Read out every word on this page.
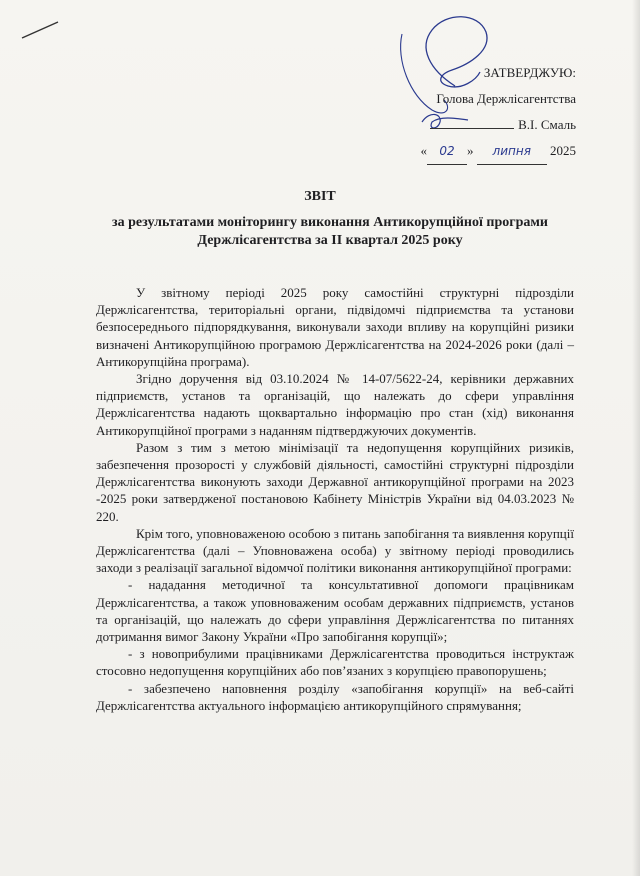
ЗАТВЕРДЖУЮ:
Голова Держлісагентства
В.І. Смаль
« 02 » липня 2025
ЗВІТ
за результатами моніторингу виконання Антикорупційної програми Держлісагентства за ІІ квартал 2025 року

У звітному періоді 2025 року самостійні структурні підрозділи Держлісагентства, територіальні органи, підвідомчі підприємства та установи безпосереднього підпорядкування, виконували заходи впливу на корупційні ризики визначені Антикорупційною програмою Держлісагентства на 2024-2026 роки (далі – Антикорупційна програма).

Згідно доручення від 03.10.2024 № 14-07/5622-24, керівники державних підприємств, установ та організацій, що належать до сфери управління Держлісагентства надають щоквартально інформацію про стан (хід) виконання Антикорупційної програми з наданням підтверджуючих документів.

Разом з тим з метою мінімізації та недопущення корупційних ризиків, забезпечення прозорості у службовій діяльності, самостійні структурні підрозділи Держлісагентства виконують заходи Державної антикорупційної програми на 2023 -2025 роки затвердженої постановою Кабінету Міністрів України від 04.03.2023 № 220.

Крім того, уповноваженою особою з питань запобігання та виявлення корупції Держлісагентства (далі – Уповноважена особа) у звітному періоді проводились заходи з реалізації загальної відомчої політики виконання антикорупційної програми:

- нададання методичної та консультативної допомоги працівникам Держлісагентства, а також уповноваженим особам державних підприємств, установ та організацій, що належать до сфери управління Держлісагентства по питаннях дотримання вимог Закону України «Про запобігання корупції»;

- з новоприбулими працівниками Держлісагентства проводиться інструктаж стосовно недопущення корупційних або пов’язаних з корупцією правопорушень;

- забезпечено наповнення розділу «запобігання корупції» на веб-сайті Держлісагентства актуального інформацією антикорупційного спрямування;
